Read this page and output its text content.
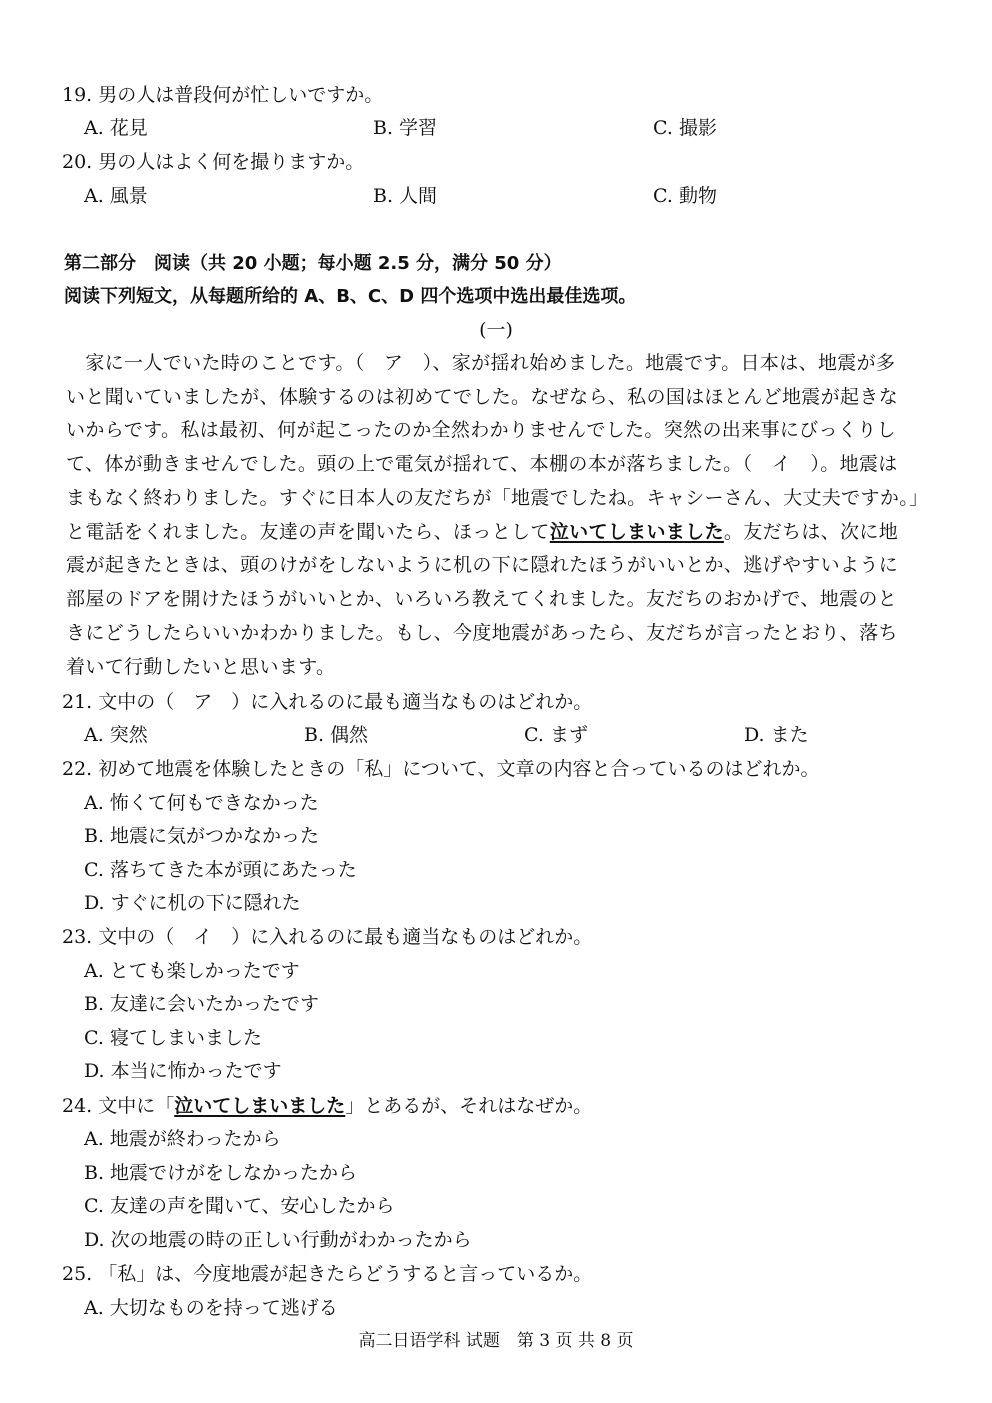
19. 男の人は普段何が忙しいですか。
A. 花見	B. 学習	C. 撮影
20. 男の人はよく何を撮りますか。
A. 風景	B. 人間	C. 動物
第二部分　阅读（共 20 小题；每小题 2.5 分，满分 50 分）
阅读下列短文，从每题所给的 A、B、C、D 四个选项中选出最佳选项。
(一)
　家に一人でいた時のことです。（　ア　）、家が揺れ始めました。地震です。日本は、地震が多
いと聞いていましたが、体験するのは初めてでした。なぜなら、私の国はほとんど地震が起きな
いからです。私は最初、何が起こったのか全然わかりませんでした。突然の出来事にびっくりし
て、体が動きませんでした。頭の上で電気が揺れて、本棚の本が落ちました。（　イ　）。地震は
まもなく終わりました。すぐに日本人の友だちが「地震でしたね。キャシーさん、大丈夫ですか。」
と電話をくれました。友達の声を聞いたら、ほっとして泣いてしまいました。友だちは、次に地
震が起きたときは、頭のけがをしないように机の下に隠れたほうがいいとか、逃げやすいように
部屋のドアを開けたほうがいいとか、いろいろ教えてくれました。友だちのおかげで、地震のと
きにどうしたらいいかわかりました。もし、今度地震があったら、友だちが言ったとおり、落ち
着いて行動したいと思います。
21. 文中の（　ア　）に入れるのに最も適当なものはどれか。
A. 突然	B. 偶然	C. まず	D. また
22. 初めて地震を体験したときの「私」について、文章の内容と合っているのはどれか。
A. 怖くて何もできなかった
B. 地震に気がつかなかった
C. 落ちてきた本が頭にあたった
D. すぐに机の下に隠れた
23. 文中の（　イ　）に入れるのに最も適当なものはどれか。
A. とても楽しかったです
B. 友達に会いたかったです
C. 寝てしまいました
D. 本当に怖かったです
24. 文中に「泣いてしまいました」とあるが、それはなぜか。
A. 地震が終わったから
B. 地震でけがをしなかったから
C. 友達の声を聞いて、安心したから
D. 次の地震の時の正しい行動がわかったから
25. 「私」は、今度地震が起きたらどうすると言っているか。
A. 大切なものを持って逃げる
高二日语学科 试题　第 3 页 共 8 页
